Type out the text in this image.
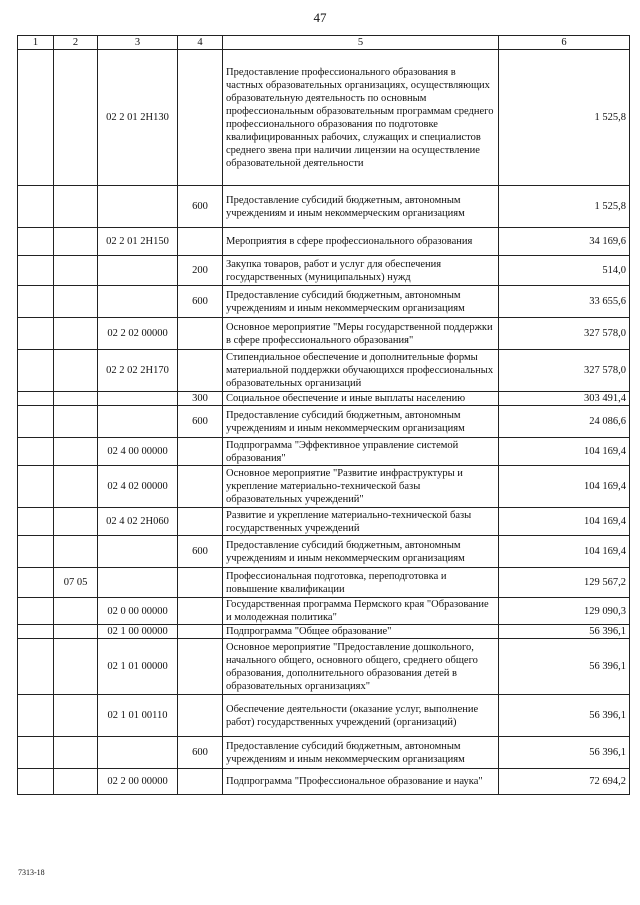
47
1	2	3	4	5	6
		02 2 01 2Н130		Предоставление профессионального образования в частных образовательных организациях, осуществляющих образовательную деятельность по основным профессиональным образовательным программам среднего профессионального образования по подготовке квалифицированных рабочих, служащих и специалистов среднего звена при наличии лицензии на осуществление образовательной деятельности	1 525,8
			600	Предоставление субсидий бюджетным, автономным учреждениям и иным некоммерческим организациям	1 525,8
		02 2 01 2Н150		Мероприятия в сфере профессионального образования	34 169,6
			200	Закупка товаров, работ и услуг для обеспечения государственных (муниципальных) нужд	514,0
			600	Предоставление субсидий бюджетным, автономным учреждениям и иным некоммерческим организациям	33 655,6
		02 2 02 00000		Основное мероприятие "Меры государственной поддержки в сфере профессионального образования"	327 578,0
		02 2 02 2Н170		Стипендиальное обеспечение и дополнительные формы материальной поддержки обучающихся профессиональных образовательных организаций	327 578,0
			300	Социальное обеспечение и иные выплаты населению	303 491,4
			600	Предоставление субсидий бюджетным, автономным учреждениям и иным некоммерческим организациям	24 086,6
		02 4 00 00000		Подпрограмма "Эффективное управление системой образования"	104 169,4
		02 4 02 00000		Основное мероприятие "Развитие инфраструктуры и укрепление материально-технической базы образовательных учреждений"	104 169,4
		02 4 02 2Н060		Развитие и укрепление материально-технической базы государственных учреждений	104 169,4
			600	Предоставление субсидий бюджетным, автономным учреждениям и иным некоммерческим организациям	104 169,4
	07 05			Профессиональная подготовка, переподготовка и повышение квалификации	129 567,2
		02 0 00 00000		Государственная программа Пермского края "Образование и молодежная политика"	129 090,3
		02 1 00 00000		Подпрограмма "Общее образование"	56 396,1
		02 1 01 00000		Основное мероприятие "Предоставление дошкольного, начального общего, основного общего, среднего общего образования, дополнительного образования детей в образовательных организациях"	56 396,1
		02 1 01 00110		Обеспечение деятельности (оказание услуг, выполнение работ) государственных учреждений (организаций)	56 396,1
			600	Предоставление субсидий бюджетным, автономным учреждениям и иным некоммерческим организациям	56 396,1
		02 2 00 00000		Подпрограмма "Профессиональное образование и наука"	72 694,2
7313-18
